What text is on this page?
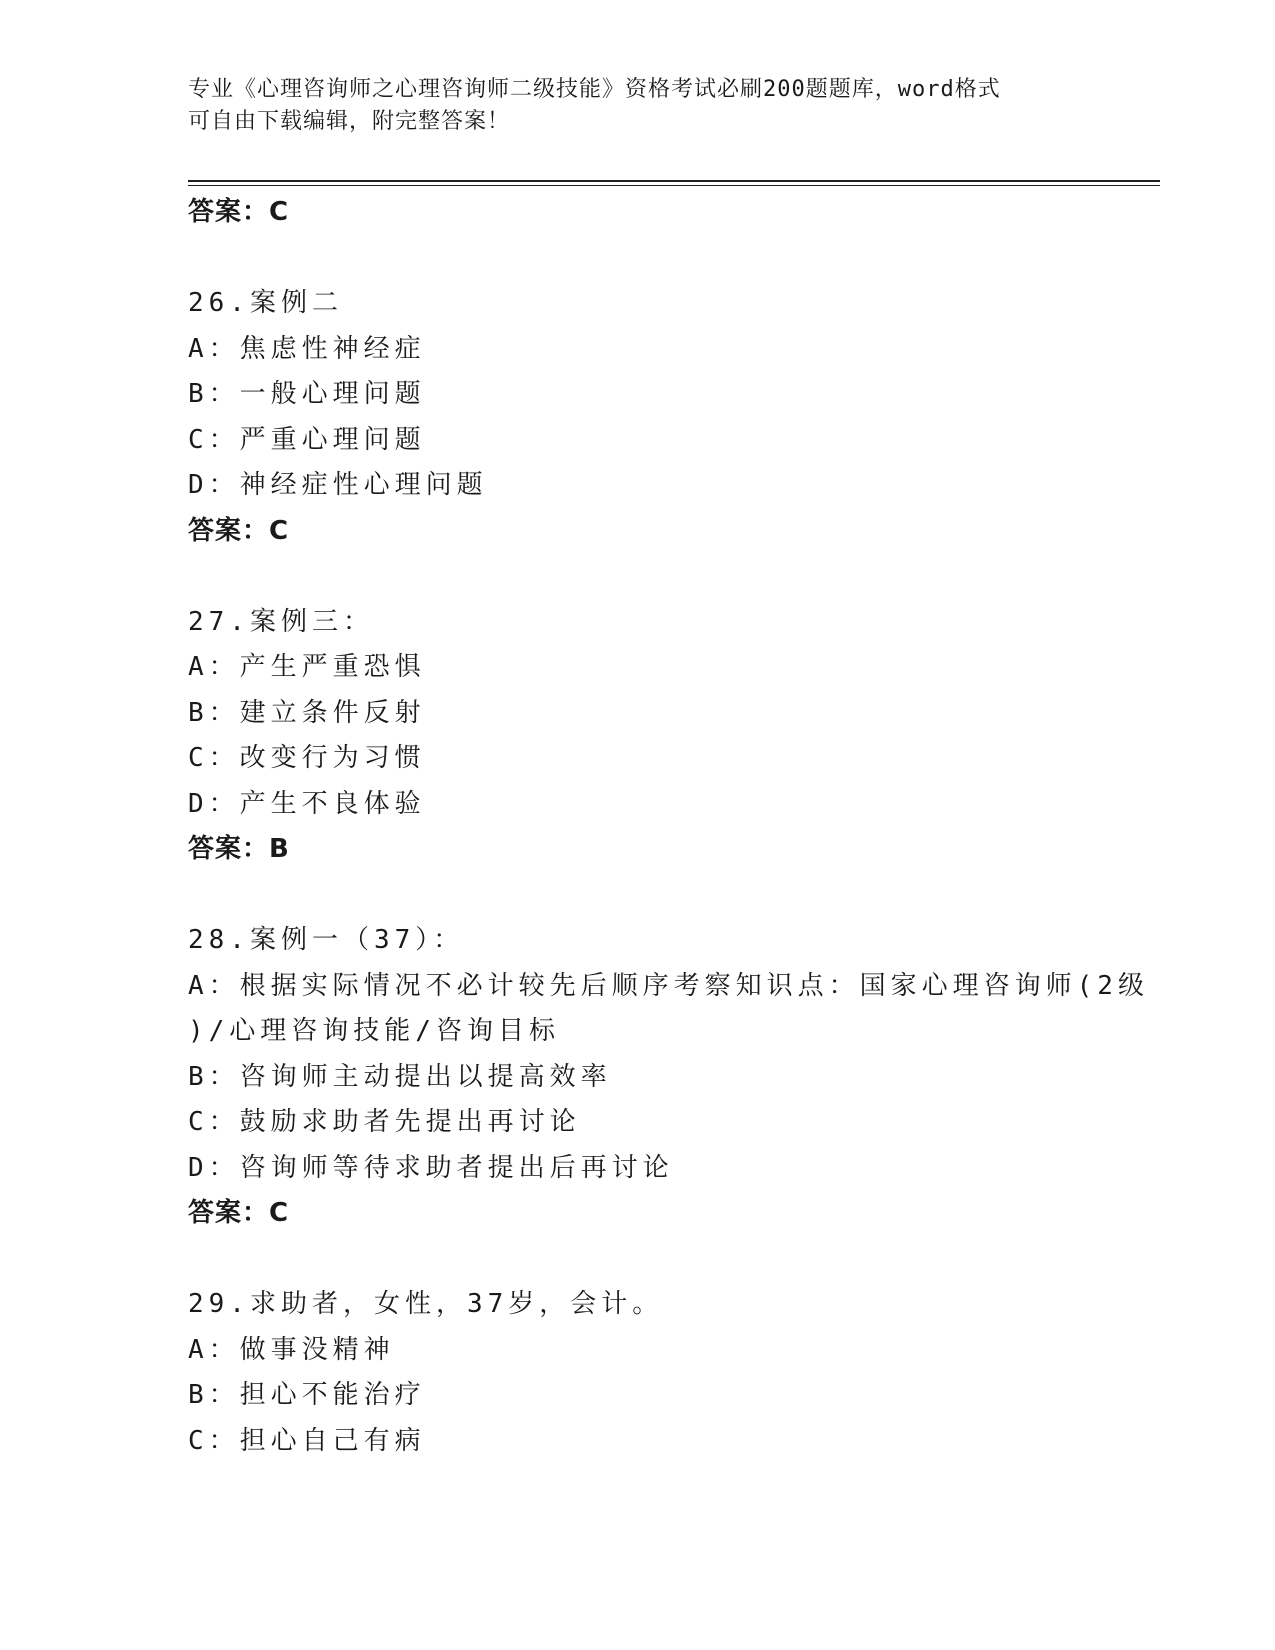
专业《心理咨询师之心理咨询师二级技能》资格考试必刷200题题库，word格式
可自由下载编辑，附完整答案！
答案：C
26.案例二
A：焦虑性神经症
B：一般心理问题
C：严重心理问题
D：神经症性心理问题
答案：C
27.案例三：
A：产生严重恐惧
B：建立条件反射
C：改变行为习惯
D：产生不良体验
答案：B
28.案例一（37）：
A：根据实际情况不必计较先后顺序考察知识点：国家心理咨询师(2级
)/心理咨询技能/咨询目标
B：咨询师主动提出以提高效率
C：鼓励求助者先提出再讨论
D：咨询师等待求助者提出后再讨论
答案：C
29.求助者，女性，37岁，会计。
A：做事没精神
B：担心不能治疗
C：担心自己有病
